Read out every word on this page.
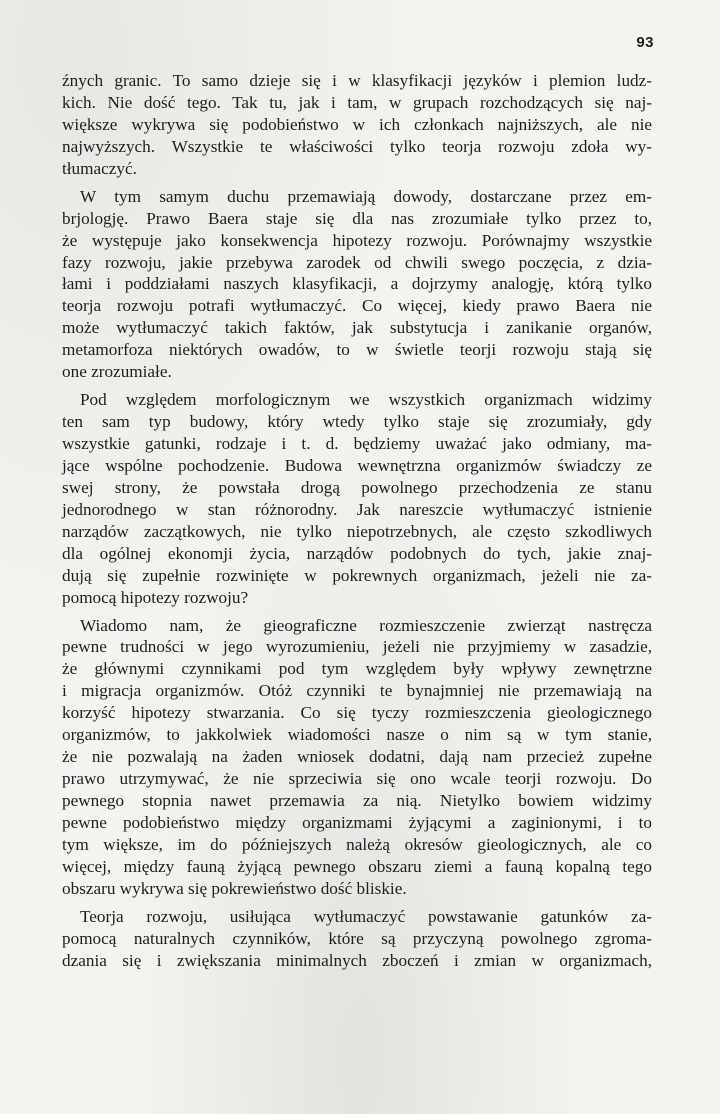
93
źnych granic. To samo dzieje się i w klasyfikacji języków i plemion ludz-
kich. Nie dość tego. Tak tu, jak i tam, w grupach rozchodzących się naj-
większe wykrywa się podobieństwo w ich członkach najniższych, ale nie
najwyższych. Wszystkie te właściwości tylko teorja rozwoju zdoła wy-
tłumaczyć.
W tym samym duchu przemawiają dowody, dostarczane przez em-
brjologję. Prawo Baera staje się dla nas zrozumiałe tylko przez to,
że występuje jako konsekwencja hipotezy rozwoju. Porównajmy wszystkie
fazy rozwoju, jakie przebywa zarodek od chwili swego poczęcia, z dzia-
łami i poddziałami naszych klasyfikacji, a dojrzymy analogję, którą tylko
teorja rozwoju potrafi wytłumaczyć. Co więcej, kiedy prawo Baera nie
może wytłumaczyć takich faktów, jak substytucja i zanikanie organów,
metamorfoza niektórych owadów, to w świetle teorji rozwoju stają się
one zrozumiałe.
Pod względem morfologicznym we wszystkich organizmach widzimy
ten sam typ budowy, który wtedy tylko staje się zrozumiały, gdy
wszystkie gatunki, rodzaje i t. d. będziemy uważać jako odmiany, ma-
jące wspólne pochodzenie. Budowa wewnętrzna organizmów świadczy ze
swej strony, że powstała drogą powolnego przechodzenia ze stanu
jednorodnego w stan różnorodny. Jak nareszcie wytłumaczyć istnienie
narządów zaczątkowych, nie tylko niepotrzebnych, ale często szkodliwych
dla ogólnej ekonomji życia, narządów podobnych do tych, jakie znaj-
dują się zupełnie rozwinięte w pokrewnych organizmach, jeżeli nie za-
pomocą hipotezy rozwoju?
Wiadomo nam, że gieograficzne rozmieszczenie zwierząt nastręcza
pewne trudności w jego wyrozumieniu, jeżeli nie przyjmiemy w zasadzie,
że głównymi czynnikami pod tym względem były wpływy zewnętrzne
i migracja organizmów. Otóż czynniki te bynajmniej nie przemawiają na
korzyść hipotezy stwarzania. Co się tyczy rozmieszczenia gieologicznego
organizmów, to jakkolwiek wiadomości nasze o nim są w tym stanie,
że nie pozwalają na żaden wniosek dodatni, dają nam przecież zupełne
prawo utrzymywać, że nie sprzeciwia się ono wcale teorji rozwoju. Do
pewnego stopnia nawet przemawia za nią. Nietylko bowiem widzimy
pewne podobieństwo między organizmami żyjącymi a zaginionymi, i to
tym większe, im do późniejszych należą okresów gieologicznych, ale co
więcej, między fauną żyjącą pewnego obszaru ziemi a fauną kopalną tego
obszaru wykrywa się pokrewieństwo dość bliskie.
Teorja rozwoju, usiłująca wytłumaczyć powstawanie gatunków za-
pomocą naturalnych czynników, które są przyczyną powolnego zgroma-
dzania się i zwiększania minimalnych zboczeń i zmian w organizmach,
